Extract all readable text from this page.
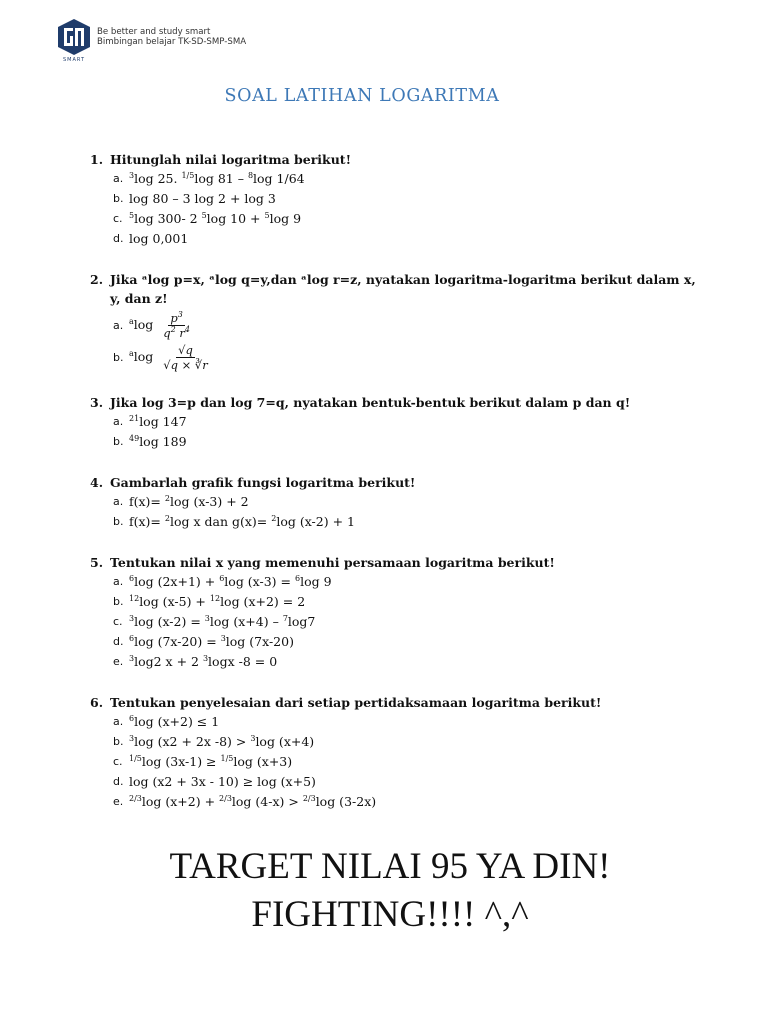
SMART
Be better and study smart
Bimbingan belajar TK-SD-SMP-SMA
SOAL LATIHAN LOGARITMA
1. Hitunglah nilai logaritma berikut!
a. $^3$log 25. $^{1/5}$log 81 – $^8$log 1/64
b. log 80 – 3 log 2 + log 3
c. $^5$log 300- 2 $^5$log 10 + $^5$log 9
d. log 0,001
2. Jika ᵃlog p=x, ᵃlog q=y,dan ᵃlog r=z, nyatakan logaritma-logaritma berikut dalam x, y, dan z!
a. $^a\log \frac{p^3}{q^2 r^4}$
b. $^a\log \frac{√q}{√q \times ∛r}$
3. Jika log 3=p dan log 7=q, nyatakan bentuk-bentuk berikut dalam p dan q!
a. $^{21}$log 147
b. $^{49}$log 189
4. Gambarlah grafik fungsi logaritma berikut!
a. f(x)= $^2$log (x-3) + 2
b. f(x)= $^2$log x dan g(x)= $^2$log (x-2) + 1
5. Tentukan nilai x yang memenuhi persamaan logaritma berikut!
a. $^6$log (2x+1) + $^6$log (x-3) = $^6$log 9
b. $^{12}$log (x-5) + $^{12}$log (x+2) = 2
c. $^3$log (x-2) = $^3$log (x+4) – $^7$log7
d. $^6$log (7x-20) = $^3$log (7x-20)
e. $^3$log2 x + 2 $^3$logx -8 = 0
6. Tentukan penyelesaian dari setiap pertidaksamaan logaritma berikut!
a. $^6$log (x+2) ≤ 1
b. $^3$log (x2 + 2x -8) > $^3$log (x+4)
c. $^{1/5}$log (3x-1) ≥ $^{1/5}$log (x+3)
d. log (x2 + 3x - 10) ≥ log (x+5)
e. $^{2/3}$log (x+2) + $^{2/3}$log (4-x) > $^{2/3}$log (3-2x)
TARGET NILAI 95 YA DIN!
FIGHTING!!!! ^,^
